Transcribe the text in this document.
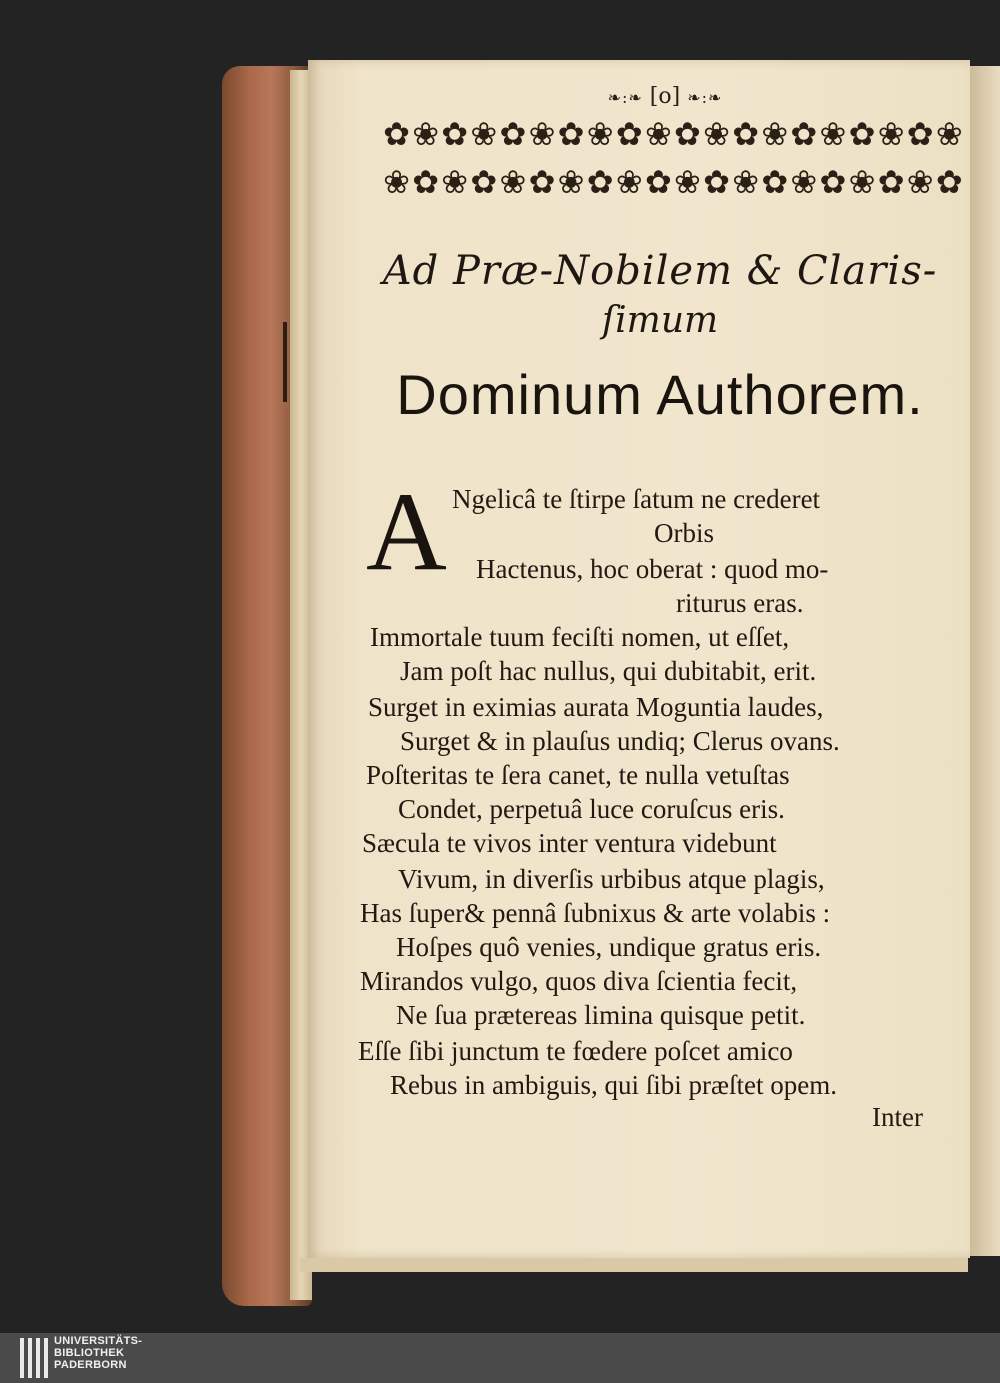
❧:❧ [o] ❧:❧
✿ ❀ ✿ ❀ ✿ ❀ ✿ ❀ ✿ ❀ ✿ ❀ ✿ ❀ ✿ ❀ ✿ ❀ ✿ ❀
❀ ✿ ❀ ✿ ❀ ✿ ❀ ✿ ❀ ✿ ❀ ✿ ❀ ✿ ❀ ✿ ❀ ✿ ❀ ✿
Ad Præ-Nobilem & Claris-
ſimum
Dominum Authorem.
A Ngelicâ te ſtirpe ſatum ne crederet
Orbis
Hactenus, hoc oberat : quod mo-
riturus eras.
Immortale tuum feciſti nomen, ut eſſet,
Jam poſt hac nullus, qui dubitabit, erit.
Surget in eximias aurata Moguntia laudes,
Surget & in plauſus undiq; Clerus ovans.
Poſteritas te ſera canet, te nulla vetuſtas
Condet, perpetuâ luce coruſcus eris.
Sæcula te vivos inter ventura videbunt
Vivum, in diverſis urbibus atque plagis,
Has ſuper& pennâ ſubnixus & arte volabis :
Hoſpes quô venies, undique gratus eris.
Mirandos vulgo, quos diva ſcientia fecit,
Ne ſua prætereas limina quisque petit.
Eſſe ſibi junctum te fœdere poſcet amico
Rebus in ambiguis, qui ſibi præſtet opem.
Inter
UNIVERSITÄTS-
BIBLIOTHEK
PADERBORN
